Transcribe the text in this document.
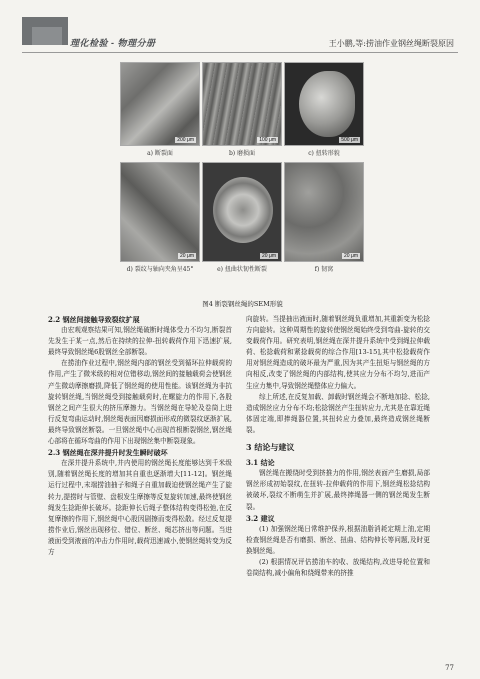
理化检验 - 物理分册	王小鹏,等:捞油作业钢丝绳断裂原因
200 μm	100 μm	500 μm
a) 断裂面	b) 磨损面	c) 扭转形貌
20 μm	20 μm	20 μm
d) 裂纹与轴向夹角呈45°	e) 扭曲状韧性断裂	f) 韧窝
图4 断裂钢丝绳的SEM形貌
2.2 钢丝间接触导致裂纹扩展

由宏观观察结果可知,钢丝绳破断时绳体受力不均匀,断裂首先发生于某一点,然后在持续的拉伸-扭转载荷作用下迅速扩展,最终导致钢丝绳6股钢丝全部断裂。

在捞油作业过程中,钢丝绳内部的钢丝受到循环拉伸载荷的作用,产生了微米级的相对位错移动,钢丝间的接触载荷会使钢丝产生微动摩擦磨损,降低了钢丝绳的使用性能。该钢丝绳为非抗旋转钢丝绳,当钢丝绳受到接触载荷时,在螺旋力的作用下,各股钢丝之间产生很大的挤压摩擦力。当钢丝绳在导轮及卷筒上进行反复弯曲运动时,钢丝绳表面因磨损面形成的微裂纹逐渐扩展,最终导致钢丝断裂。一旦钢丝绳中心出现首根断裂钢丝,钢丝绳心部将在循环弯曲的作用下出现钢丝集中断裂现象。

2.3 钢丝绳在深井提升时发生瞬时破坏

在深井提升系统中,井内使用的钢丝绳长度能够达到千米级别,随着钢丝绳长度的增加其自重也逐渐增大[11-12]。钢丝绳运行过程中,末端捞油抽子和绳子自重加载迫使钢丝绳产生了旋转力,提捞时与管壁、盘根发生摩擦等反复旋转加速,最终使钢丝绳发生捻距伸长破坏。捻距伸长后绳子整体结构变得松弛,在反复摩擦的作用下,钢丝绳中心股因剧擦而变得松散。经过反复提捞作业后,钢丝出现移位、错位、断丝、绳芯挤出等问题。当进液面受到液面的冲击力作用时,载荷迅速减小,使钢丝绳转变为反方

向旋转。当提抽出液面时,随着钢丝绳负重增加,其重新变为松捻方向旋转。这种周期性的旋转使钢丝绳始终受到弯曲-旋转的交变载荷作用。研究表明,钢丝绳在深井提升系统中受到绳拉伸载荷、松捻载荷和紧捻载荷的综合作用[13-15],其中松捻载荷作用对钢丝绳造成的破坏最为严重,因为其产生扭矩与钢丝绳的方向相反,改变了钢丝绳的内部结构,使其应力分布不均匀,进而产生应力集中,导致钢丝绳整体应力偏大。

综上所述,在反复加载、卸载时钢丝绳会不断地加捻、松捻,造成钢丝应力分布不均;松捻钢丝产生扭转应力,尤其是在靠近绳体固定端,即捧绳器位置,其扭转应力叠加,最终造成钢丝绳断裂。

3 结论与建议
3.1 结论

钢丝绳在搬绕时受到挤推力的作用,钢丝表面产生磨损,局部钢丝形成初始裂纹,在扭转-拉伸载荷的作用下,钢丝绳松捻结构被破坏,裂纹不断萌生并扩展,最终捧绳器一侧的钢丝绳发生断裂。

3.2 建议

(1) 加强钢丝绳日常维护保养,根据油脂消耗定期上油,定期检查钢丝绳是否有磨损、断丝、扭曲、结构伸长等问题,及时更换钢丝绳。

(2) 根据情况评估捞油车的收、放绳结构,改进导轮位置和卷筒结构,减小偏角和绕绳带来的挤推

77
